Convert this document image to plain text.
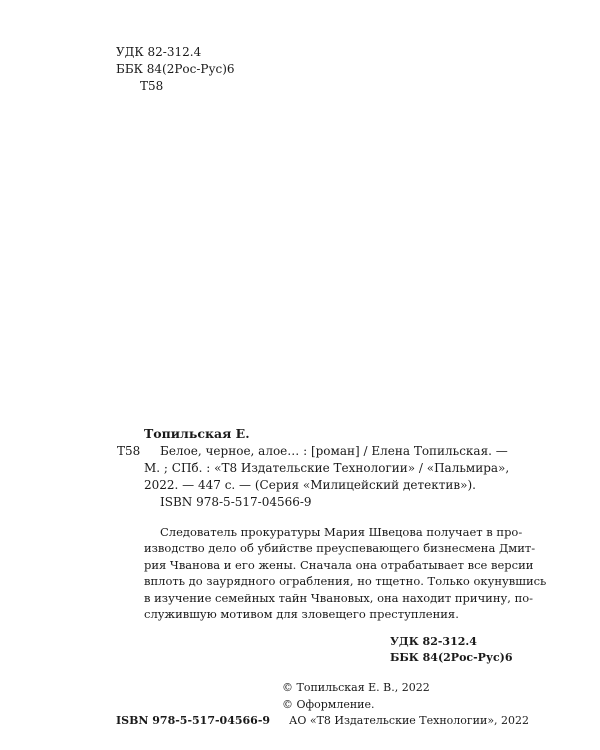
УДК 82-312.4
ББК 84(2Рос-Рус)6
Т58
Топильская Е.
Т58 Белое, черное, алое… : [роман] / Елена Топильская. —
М. ; СПб. : «Т8 Издательские Технологии» / «Пальмира»,
2022. — 447 с. — (Серия «Милицейский детектив»).
ISBN 978-5-517-04566-9
Следователь прокуратуры Мария Швецова получает в про-
изводство дело об убийстве преуспевающего бизнесмена Дмит-
рия Чванова и его жены. Сначала она отрабатывает все версии
вплоть до заурядного ограбления, но тщетно. Только окунувшись
в изучение семейных тайн Чвановых, она находит причину, по-
служившую мотивом для зловещего преступления.
УДК 82-312.4
ББК 84(2Рос-Рус)6
© Топильская Е. В., 2022
© Оформление.
ISBN 978-5-517-04566-9 АО «Т8 Издательские Технологии», 2022
